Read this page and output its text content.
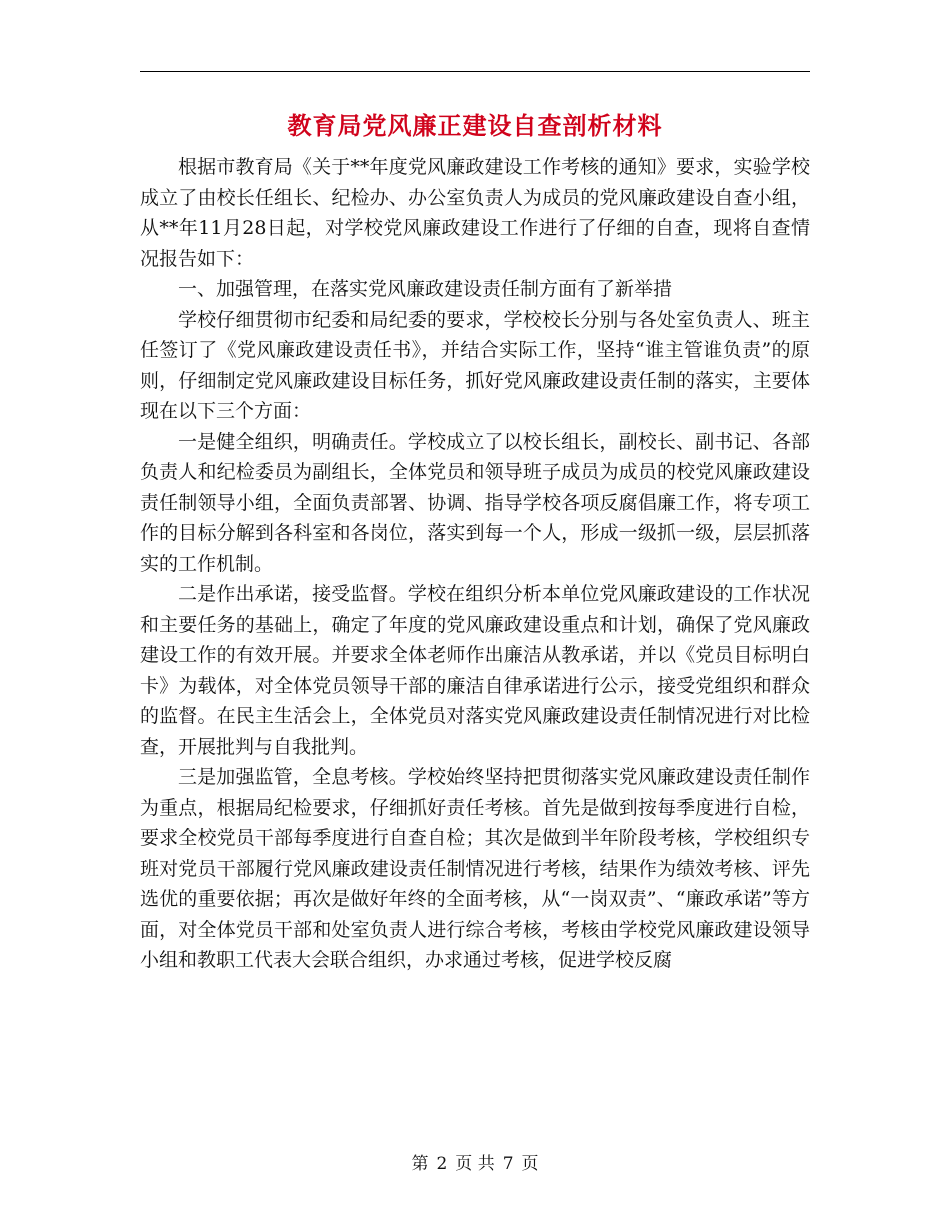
教育局党风廉正建设自查剖析材料

根据市教育局《关于**年度党风廉政建设工作考核的通知》要求，实验学校成立了由校长任组长、纪检办、办公室负责人为成员的党风廉政建设自查小组，从**年11月28日起，对学校党风廉政建设工作进行了仔细的自查，现将自查情况报告如下：

一、加强管理，在落实党风廉政建设责任制方面有了新举措

学校仔细贯彻市纪委和局纪委的要求，学校校长分别与各处室负责人、班主任签订了《党风廉政建设责任书》，并结合实际工作，坚持“谁主管谁负责”的原则，仔细制定党风廉政建设目标任务，抓好党风廉政建设责任制的落实，主要体现在以下三个方面：

一是健全组织，明确责任。学校成立了以校长组长，副校长、副书记、各部负责人和纪检委员为副组长，全体党员和领导班子成员为成员的校党风廉政建设责任制领导小组，全面负责部署、协调、指导学校各项反腐倡廉工作，将专项工作的目标分解到各科室和各岗位，落实到每一个人，形成一级抓一级，层层抓落实的工作机制。

二是作出承诺，接受监督。学校在组织分析本单位党风廉政建设的工作状况和主要任务的基础上，确定了年度的党风廉政建设重点和计划，确保了党风廉政建设工作的有效开展。并要求全体老师作出廉洁从教承诺，并以《党员目标明白卡》为载体，对全体党员领导干部的廉洁自律承诺进行公示，接受党组织和群众的监督。在民主生活会上，全体党员对落实党风廉政建设责任制情况进行对比检查，开展批判与自我批判。

三是加强监管，全息考核。学校始终坚持把贯彻落实党风廉政建设责任制作为重点，根据局纪检要求，仔细抓好责任考核。首先是做到按每季度进行自检，要求全校党员干部每季度进行自查自检；其次是做到半年阶段考核，学校组织专班对党员干部履行党风廉政建设责任制情况进行考核，结果作为绩效考核、评先选优的重要依据；再次是做好年终的全面考核，从“一岗双责”、“廉政承诺”等方面，对全体党员干部和处室负责人进行综合考核，考核由学校党风廉政建设领导小组和教职工代表大会联合组织，办求通过考核，促进学校反腐

第 2 页 共 7 页
